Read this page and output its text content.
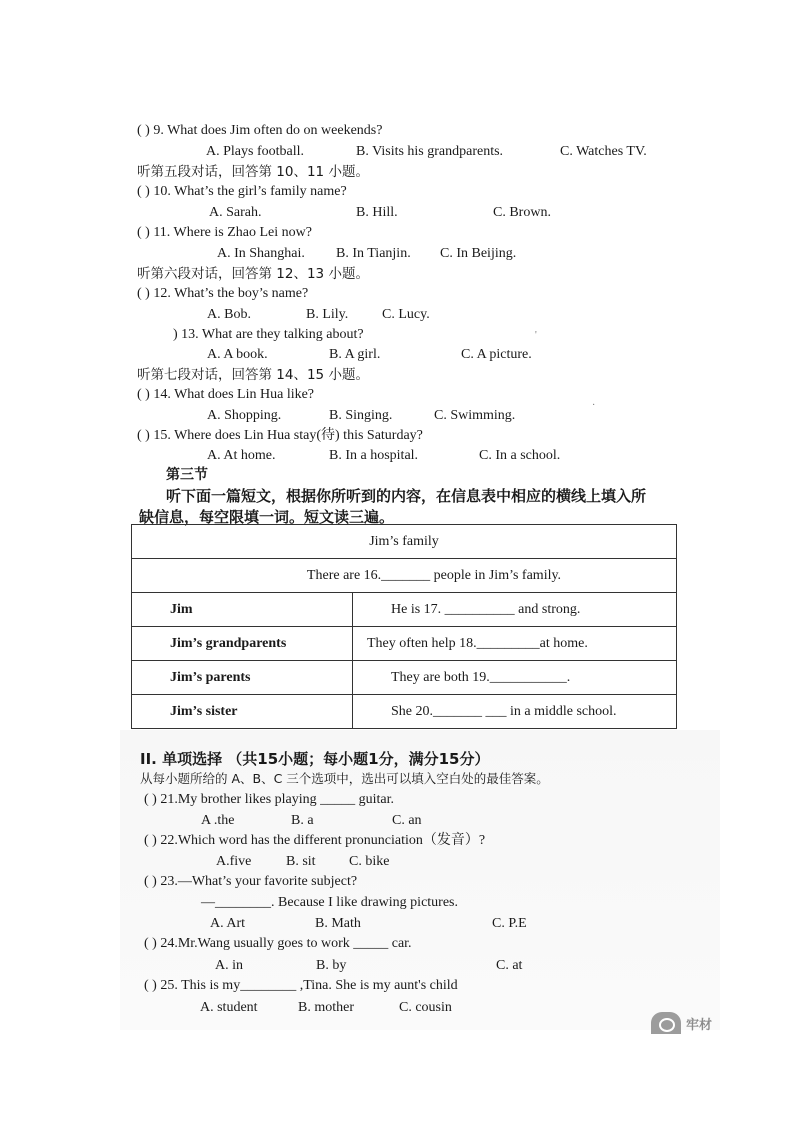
( ) 9. What does Jim often do on weekends?
A. Plays football.	B. Visits his grandparents.	C. Watches TV.
听第五段对话，回答第 10、11 小题。
( ) 10. What’s the girl’s family name?
A. Sarah.	B. Hill.	C. Brown.
( ) 11. Where is Zhao Lei now?
A. In Shanghai. B. In Tianjin. C. In Beijing.
听第六段对话，回答第 12、13 小题。
( ) 12. What’s the boy’s name?
A. Bob.	B. Lily. C. Lucy.
) 13. What are they talking about?	'
A. A book.	B. A girl.	C. A picture.
听第七段对话，回答第 14、15 小题。
( ) 14. What does Lin Hua like?
A. Shopping.	B. Singing.	C. Swimming.
·
( ) 15. Where does Lin Hua stay(待) this Saturday?
A. At home.	B. In a hospital.	C. In a school.
第三节
听下面一篇短文，根据你所听到的内容，在信息表中相应的横线上填入所
缺信息，每空限填一词。短文读三遍。
Jim’s family	
There are 16._______ people in Jim’s family.	
Jim	He is 17. __________ and strong.
Jim’s grandparents	They often help 18._________at home.
Jim’s parents	They are both 19.___________.
Jim’s sister	She 20._______ ___ in a middle school.
II. 单项选择 （共15小题；每小题1分，满分15分）
从每小题所给的 A、B、C 三个选项中，选出可以填入空白处的最佳答案。
( ) 21.My brother likes playing _____ guitar.
A .the	B. a	C. an
( ) 22.Which word has the different pronunciation（发音）?
A.five B. sit C. bike
( ) 23.—What’s your favorite subject?
—________. Because I like drawing pictures.
A. Art	B. Math	C. P.E
( ) 24.Mr.Wang usually goes to work _____ car.
A. in	B. by	C. at
( ) 25. This is my________ ,Tina. She is my aunt's child
A. student	B. mother	C. cousin
牢材
